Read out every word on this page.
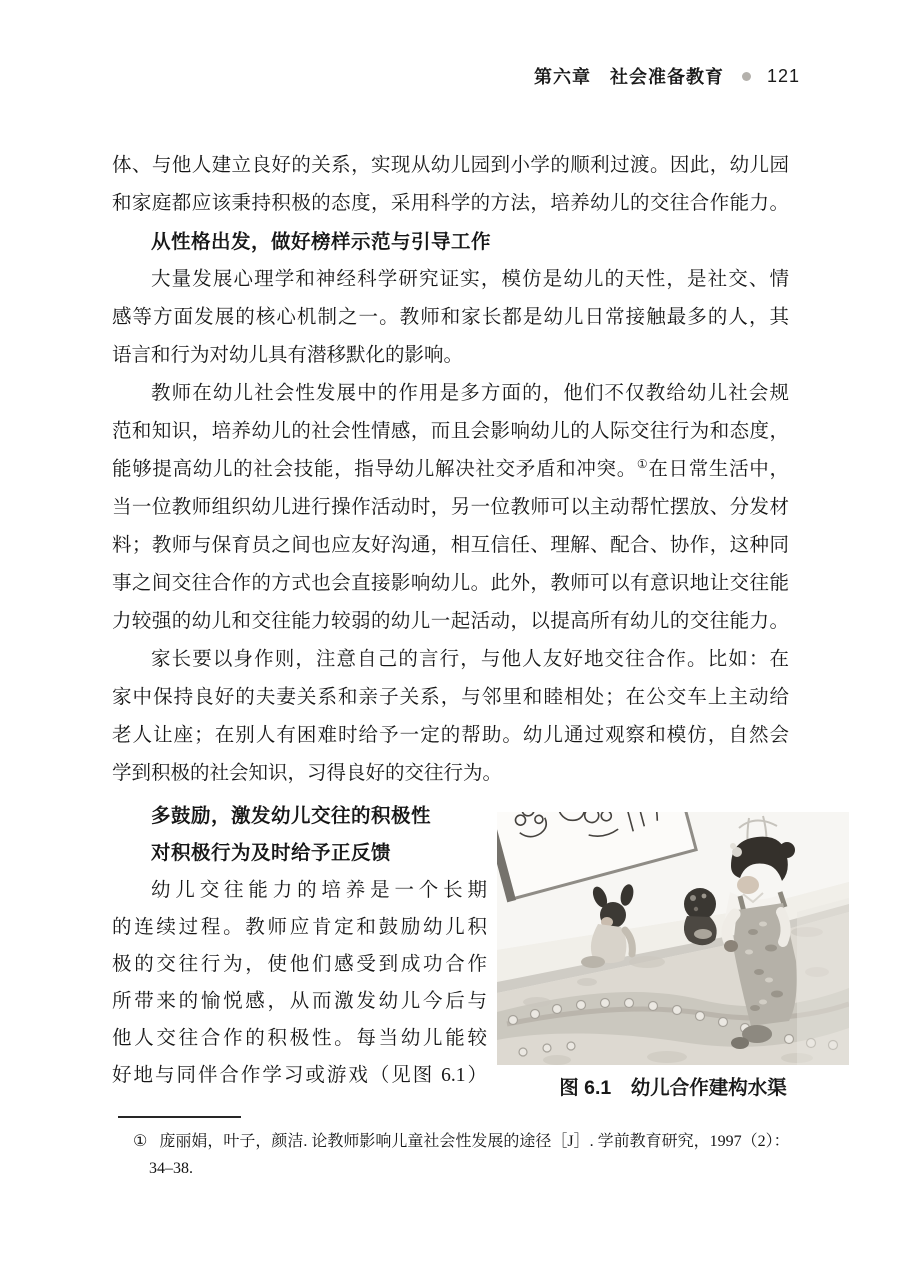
第六章　社会准备教育 121
体、与他人建立良好的关系，实现从幼儿园到小学的顺利过渡。因此，幼儿园
和家庭都应该秉持积极的态度，采用科学的方法，培养幼儿的交往合作能力。
从性格出发，做好榜样示范与引导工作
大量发展心理学和神经科学研究证实，模仿是幼儿的天性，是社交、情
感等方面发展的核心机制之一。教师和家长都是幼儿日常接触最多的人，其
语言和行为对幼儿具有潜移默化的影响。
教师在幼儿社会性发展中的作用是多方面的，他们不仅教给幼儿社会规
范和知识，培养幼儿的社会性情感，而且会影响幼儿的人际交往行为和态度，
能够提高幼儿的社会技能，指导幼儿解决社交矛盾和冲突。①在日常生活中，
当一位教师组织幼儿进行操作活动时，另一位教师可以主动帮忙摆放、分发材
料；教师与保育员之间也应友好沟通，相互信任、理解、配合、协作，这种同
事之间交往合作的方式也会直接影响幼儿。此外，教师可以有意识地让交往能
力较强的幼儿和交往能力较弱的幼儿一起活动，以提高所有幼儿的交往能力。
家长要以身作则，注意自己的言行，与他人友好地交往合作。比如：在
家中保持良好的夫妻关系和亲子关系，与邻里和睦相处；在公交车上主动给
老人让座；在别人有困难时给予一定的帮助。幼儿通过观察和模仿，自然会
学到积极的社会知识，习得良好的交往行为。
多鼓励，激发幼儿交往的积极性
对积极行为及时给予正反馈
幼儿交往能力的培养是一个长期
的连续过程。教师应肯定和鼓励幼儿积
极的交往行为，使他们感受到成功合作
所带来的愉悦感，从而激发幼儿今后与
他人交往合作的积极性。每当幼儿能较
好地与同伴合作学习或游戏（见图 6.1）
图 6.1　幼儿合作建构水渠
① 庞丽娟，叶子，颜洁. 论教师影响儿童社会性发展的途径［J］. 学前教育研究，1997（2）：
34–38.
